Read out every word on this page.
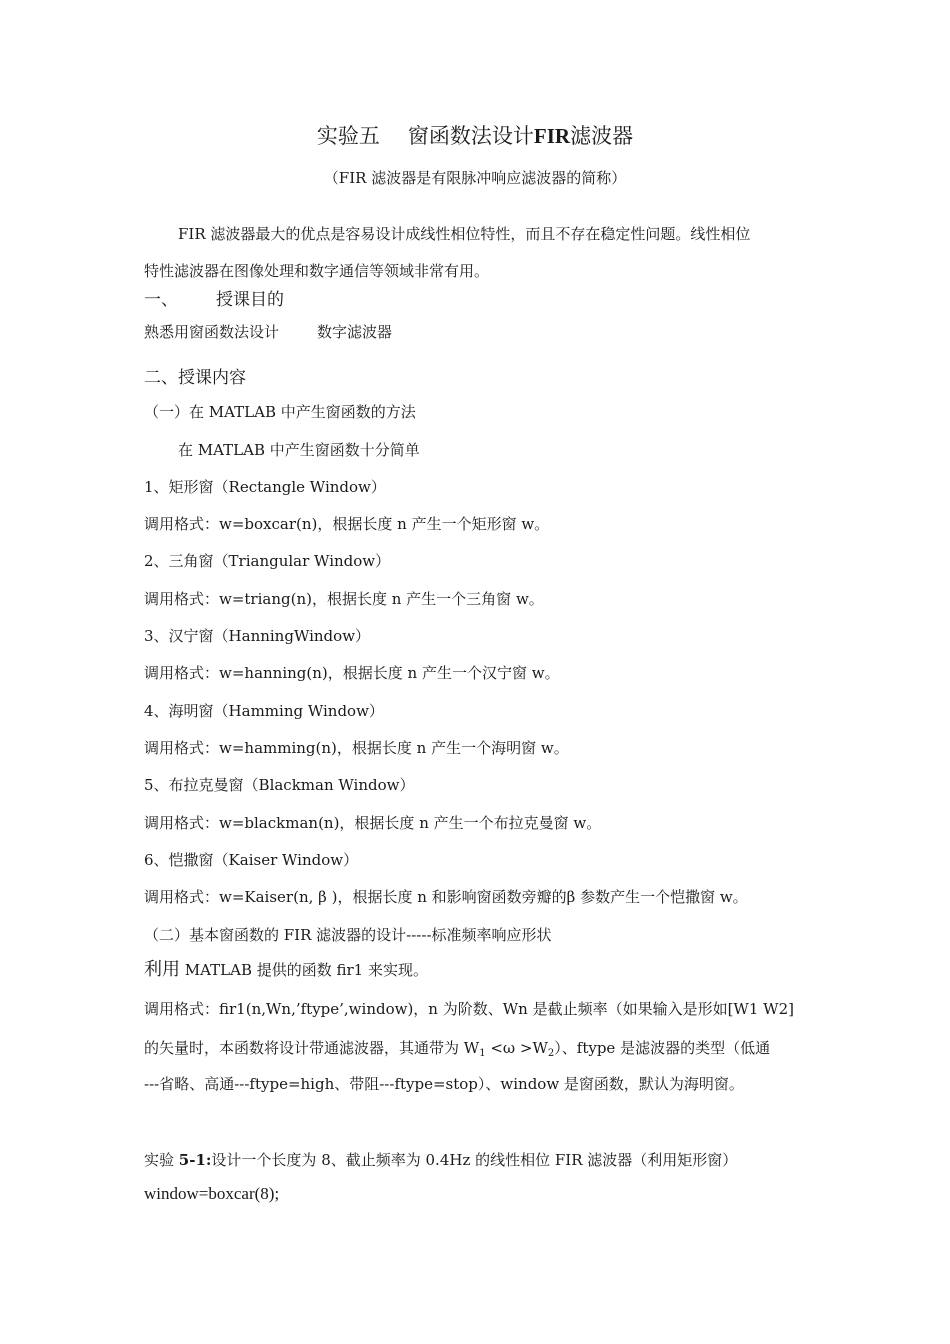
实验五 窗函数法设计FIR滤波器
（FIR 滤波器是有限脉冲响应滤波器的简称）
FIR 滤波器最大的优点是容易设计成线性相位特性，而且不存在稳定性问题。线性相位
特性滤波器在图像处理和数字通信等领域非常有用。
一、 授课目的
熟悉用窗函数法设计	数字滤波器
二、授课内容
（一）在 MATLAB 中产生窗函数的方法
在 MATLAB 中产生窗函数十分简单
1、矩形窗（Rectangle Window）
调用格式：w=boxcar(n)，根据长度 n 产生一个矩形窗 w。
2、三角窗（Triangular Window）
调用格式：w=triang(n)，根据长度 n 产生一个三角窗 w。
3、汉宁窗（HanningWindow）
调用格式：w=hanning(n)，根据长度 n 产生一个汉宁窗 w。
4、海明窗（Hamming Window）
调用格式：w=hamming(n)，根据长度 n 产生一个海明窗 w。
5、布拉克曼窗（Blackman Window）
调用格式：w=blackman(n)，根据长度 n 产生一个布拉克曼窗 w。
6、恺撒窗（Kaiser Window）
调用格式：w=Kaiser(n, β )，根据长度 n 和影响窗函数旁瓣的β 参数产生一个恺撒窗 w。
（二）基本窗函数的 FIR 滤波器的设计-----标准频率响应形状
利用 MATLAB 提供的函数 fir1 来实现。
调用格式：fir1(n,Wn,’ftype’,window)，n 为阶数、Wn 是截止频率（如果输入是形如[W1 W2]
的矢量时，本函数将设计带通滤波器，其通带为 $W_1 <\omega >W_2$）、ftype 是滤波器的类型（低通
---省略、高通---ftype=high、带阻---ftype=stop）、window 是窗函数，默认为海明窗。
实验 5-1:设计一个长度为 8、截止频率为 0.4Hz 的线性相位 FIR 滤波器（利用矩形窗）
window=boxcar(8);
